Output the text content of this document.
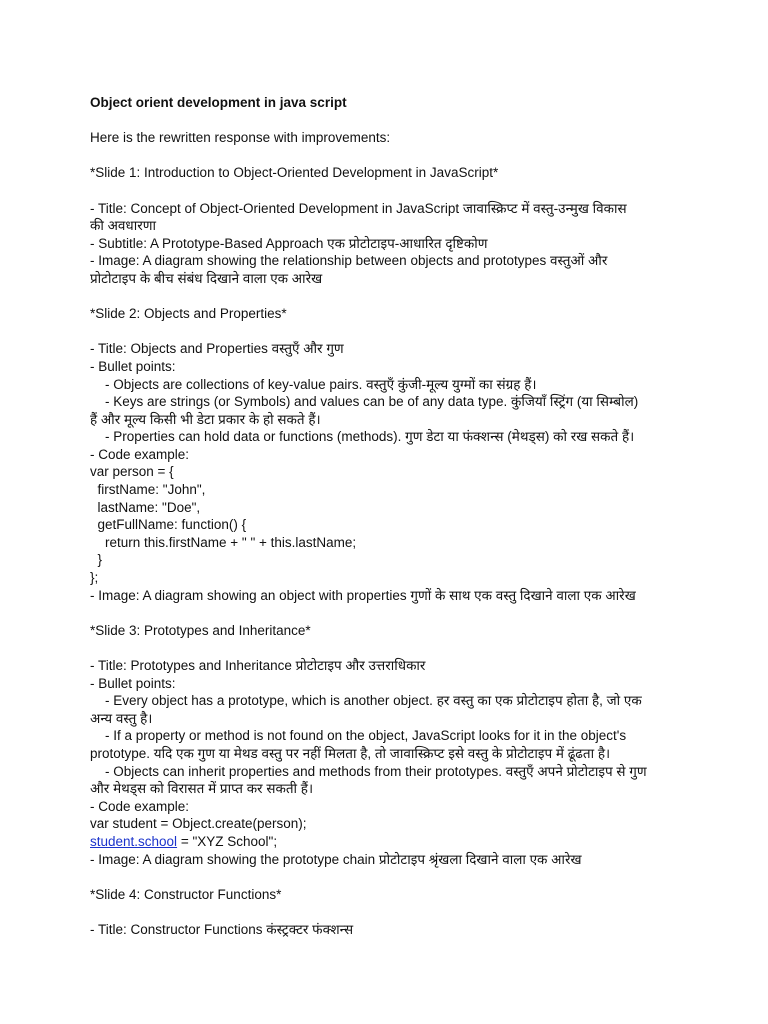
Object orient development in java script
Here is the rewritten response with improvements:
*Slide 1: Introduction to Object-Oriented Development in JavaScript*
- Title: Concept of Object-Oriented Development in JavaScript जावास्क्रिप्ट में वस्तु-उन्मुख विकास
की अवधारणा
- Subtitle: A Prototype-Based Approach एक प्रोटोटाइप-आधारित दृष्टिकोण
- Image: A diagram showing the relationship between objects and prototypes वस्तुओं और
प्रोटोटाइप के बीच संबंध दिखाने वाला एक आरेख
*Slide 2: Objects and Properties*
- Title: Objects and Properties वस्तुएँ और गुण
- Bullet points:
- Objects are collections of key-value pairs. वस्तुएँ कुंजी-मूल्य युग्मों का संग्रह हैं।
- Keys are strings (or Symbols) and values can be of any data type. कुंजियाँ स्ट्रिंग (या सिम्बोल)
हैं और मूल्य किसी भी डेटा प्रकार के हो सकते हैं।
- Properties can hold data or functions (methods). गुण डेटा या फंक्शन्स (मेथड्स) को रख सकते हैं।
- Code example:
var person = {
firstName: "John",
lastName: "Doe",
getFullName: function() {
return this.firstName + " " + this.lastName;
}
};
- Image: A diagram showing an object with properties गुणों के साथ एक वस्तु दिखाने वाला एक आरेख
*Slide 3: Prototypes and Inheritance*
- Title: Prototypes and Inheritance प्रोटोटाइप और उत्तराधिकार
- Bullet points:
- Every object has a prototype, which is another object. हर वस्तु का एक प्रोटोटाइप होता है, जो एक
अन्य वस्तु है।
- If a property or method is not found on the object, JavaScript looks for it in the object's
prototype. यदि एक गुण या मेथड वस्तु पर नहीं मिलता है, तो जावास्क्रिप्ट इसे वस्तु के प्रोटोटाइप में ढूंढता है।
- Objects can inherit properties and methods from their prototypes. वस्तुएँ अपने प्रोटोटाइप से गुण
और मेथड्स को विरासत में प्राप्त कर सकती हैं।
- Code example:
var student = Object.create(person);
student.school = "XYZ School";
- Image: A diagram showing the prototype chain प्रोटोटाइप श्रृंखला दिखाने वाला एक आरेख
*Slide 4: Constructor Functions*
- Title: Constructor Functions कंस्ट्रक्टर फंक्शन्स
